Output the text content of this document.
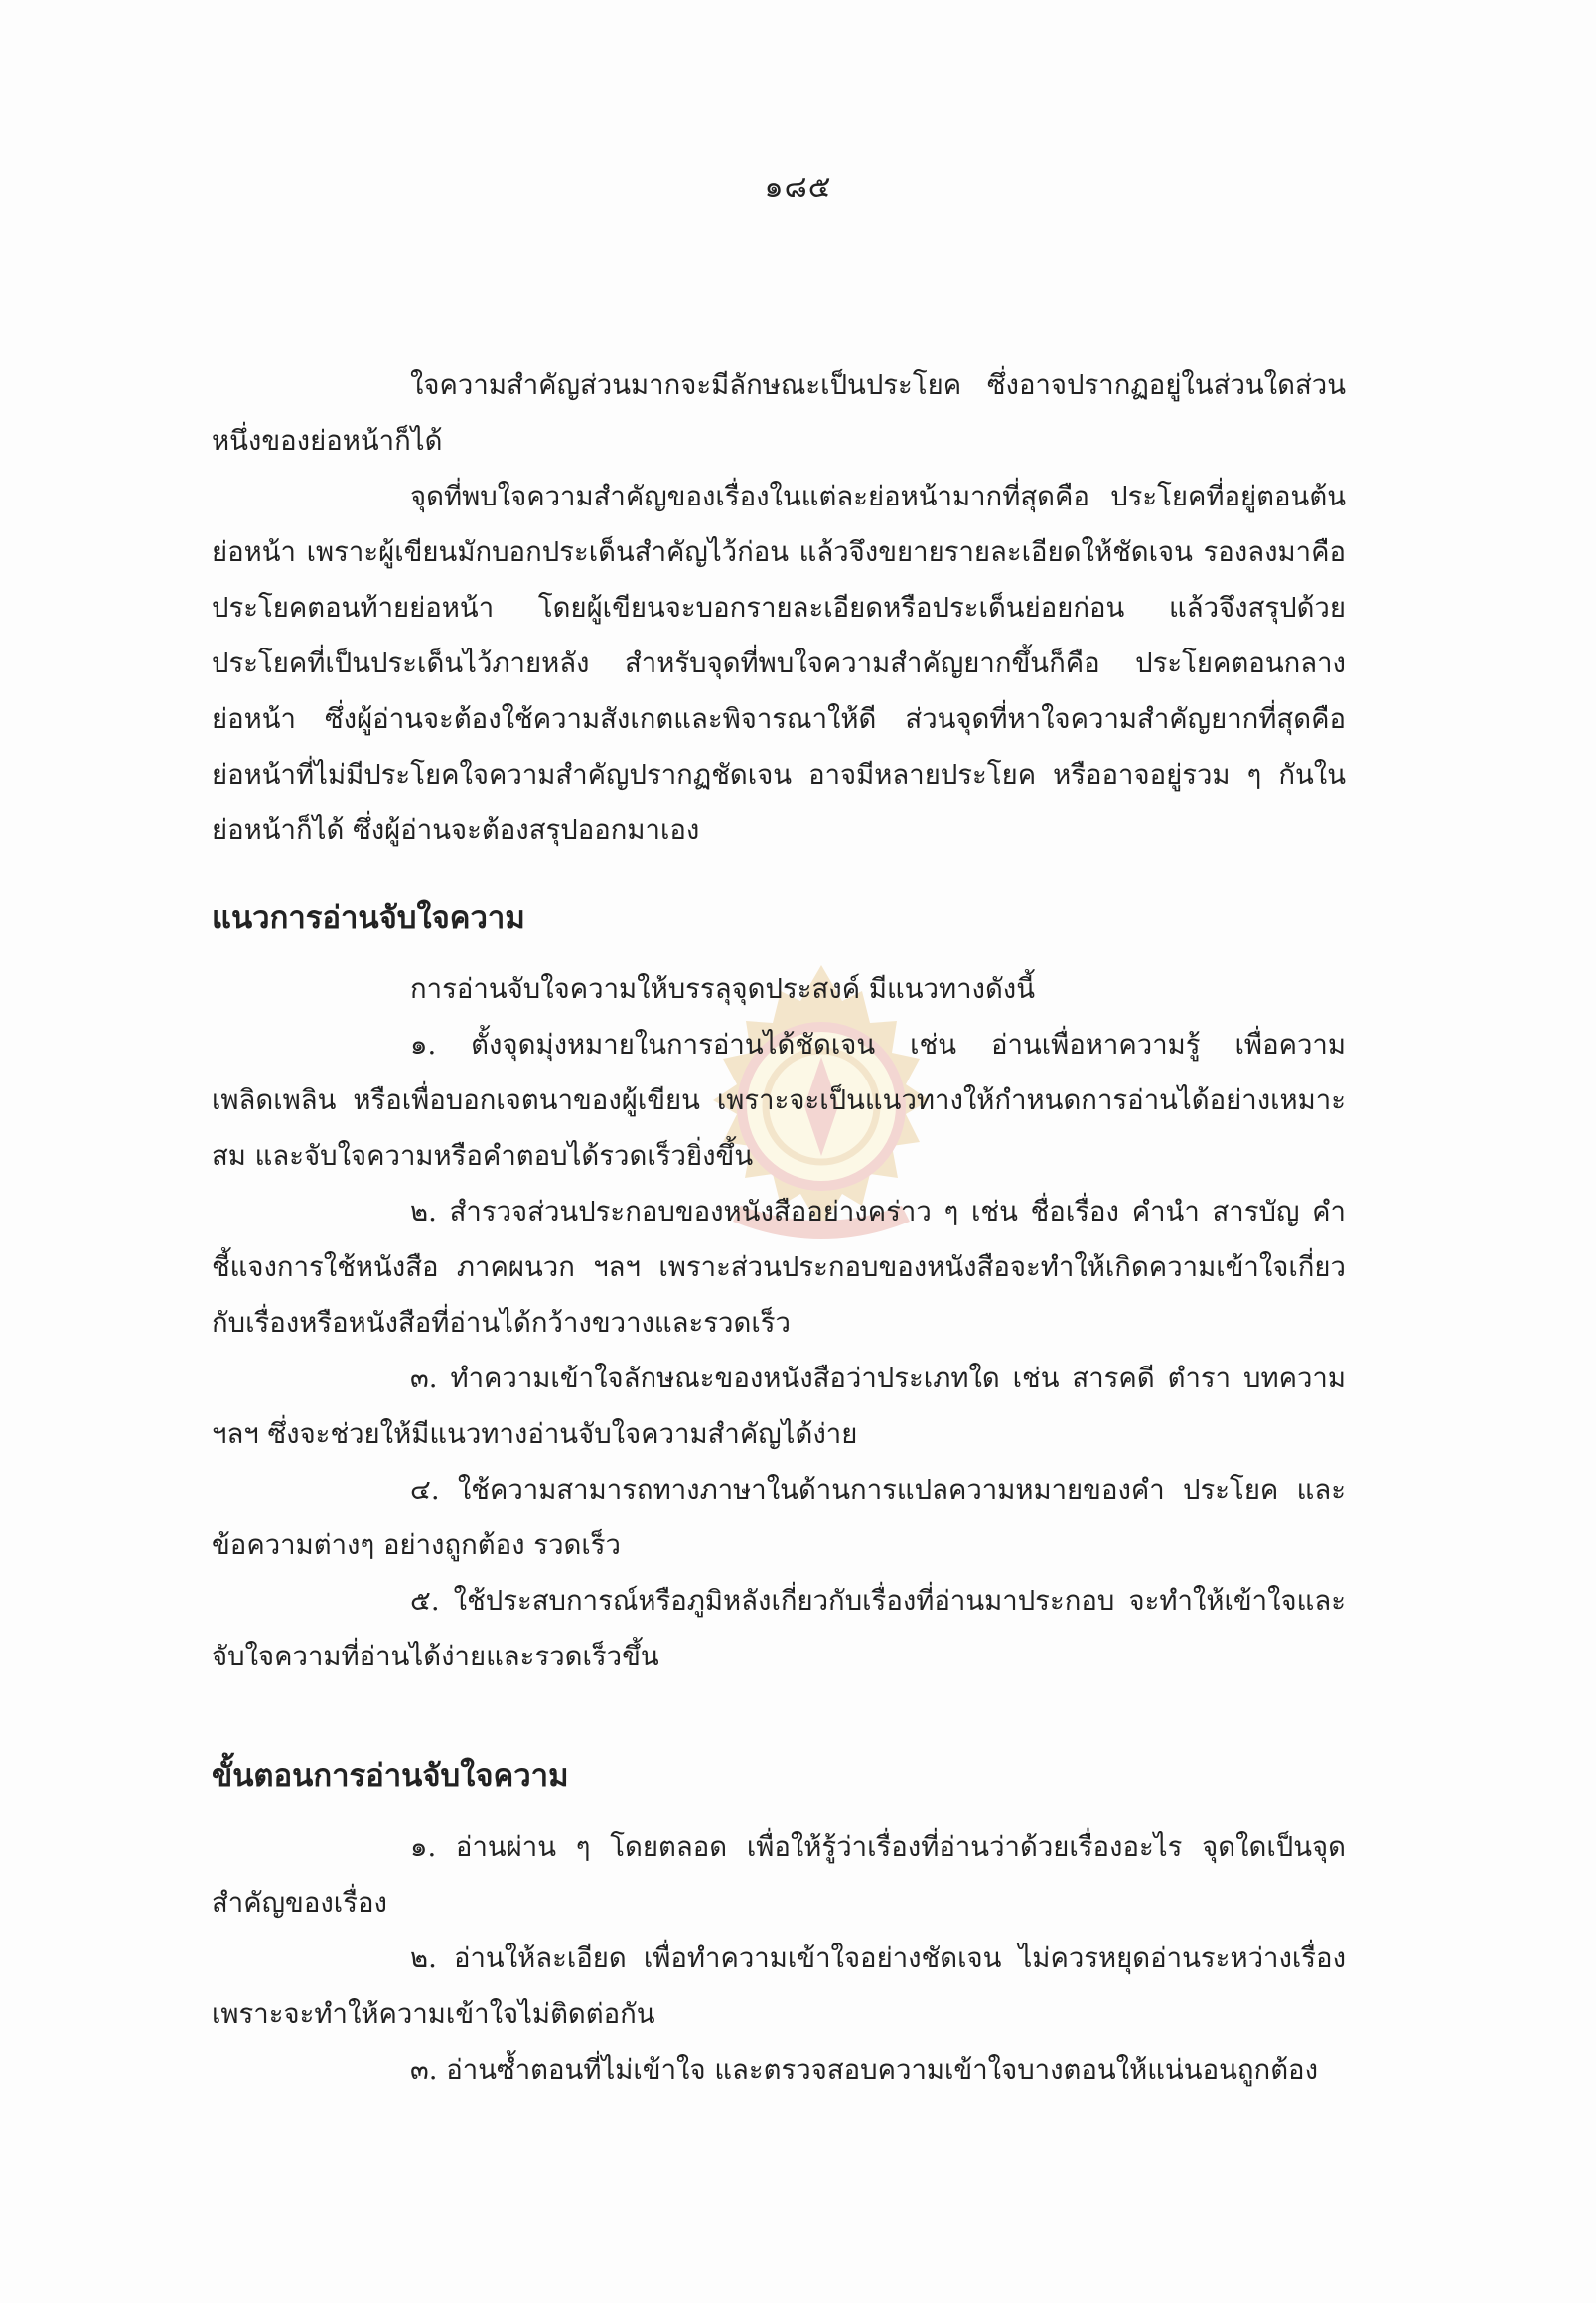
๑๘๕

ใจความสำคัญส่วนมากจะมีลักษณะเป็นประโยค ซึ่งอาจปรากฏอยู่ในส่วนใดส่วนหนึ่งของย่อหน้าก็ได้

จุดที่พบใจความสำคัญของเรื่องในแต่ละย่อหน้ามากที่สุดคือ ประโยคที่อยู่ตอนต้นย่อหน้า เพราะผู้เขียนมักบอกประเด็นสำคัญไว้ก่อน แล้วจึงขยายรายละเอียดให้ชัดเจน รองลงมาคือประโยคตอนท้ายย่อหน้า โดยผู้เขียนจะบอกรายละเอียดหรือประเด็นย่อยก่อน แล้วจึงสรุปด้วยประโยคที่เป็นประเด็นไว้ภายหลัง สำหรับจุดที่พบใจความสำคัญยากขึ้นก็คือ ประโยคตอนกลางย่อหน้า ซึ่งผู้อ่านจะต้องใช้ความสังเกตและพิจารณาให้ดี ส่วนจุดที่หาใจความสำคัญยากที่สุดคือย่อหน้าที่ไม่มีประโยคใจความสำคัญปรากฏชัดเจน อาจมีหลายประโยค หรืออาจอยู่รวม ๆ กันในย่อหน้าก็ได้ ซึ่งผู้อ่านจะต้องสรุปออกมาเอง

แนวการอ่านจับใจความ

การอ่านจับใจความให้บรรลุจุดประสงค์ มีแนวทางดังนี้

๑. ตั้งจุดมุ่งหมายในการอ่านได้ชัดเจน เช่น อ่านเพื่อหาความรู้ เพื่อความเพลิดเพลิน หรือเพื่อบอกเจตนาของผู้เขียน เพราะจะเป็นแนวทางให้กำหนดการอ่านได้อย่างเหมาะสม และจับใจความหรือคำตอบได้รวดเร็วยิ่งขึ้น

๒. สำรวจส่วนประกอบของหนังสืออย่างคร่าว ๆ เช่น ชื่อเรื่อง คำนำ สารบัญ คำชี้แจงการใช้หนังสือ ภาคผนวก ฯลฯ เพราะส่วนประกอบของหนังสือจะทำให้เกิดความเข้าใจเกี่ยวกับเรื่องหรือหนังสือที่อ่านได้กว้างขวางและรวดเร็ว

๓. ทำความเข้าใจลักษณะของหนังสือว่าประเภทใด เช่น สารคดี ตำรา บทความ ฯลฯ ซึ่งจะช่วยให้มีแนวทางอ่านจับใจความสำคัญได้ง่าย

๔. ใช้ความสามารถทางภาษาในด้านการแปลความหมายของคำ ประโยค และข้อความต่างๆ อย่างถูกต้อง รวดเร็ว

๕. ใช้ประสบการณ์หรือภูมิหลังเกี่ยวกับเรื่องที่อ่านมาประกอบ จะทำให้เข้าใจและจับใจความที่อ่านได้ง่ายและรวดเร็วขึ้น

ขั้นตอนการอ่านจับใจความ

๑. อ่านผ่าน ๆ โดยตลอด เพื่อให้รู้ว่าเรื่องที่อ่านว่าด้วยเรื่องอะไร จุดใดเป็นจุดสำคัญของเรื่อง

๒. อ่านให้ละเอียด เพื่อทำความเข้าใจอย่างชัดเจน ไม่ควรหยุดอ่านระหว่างเรื่องเพราะจะทำให้ความเข้าใจไม่ติดต่อกัน

๓. อ่านซ้ำตอนที่ไม่เข้าใจ และตรวจสอบความเข้าใจบางตอนให้แน่นอนถูกต้อง
